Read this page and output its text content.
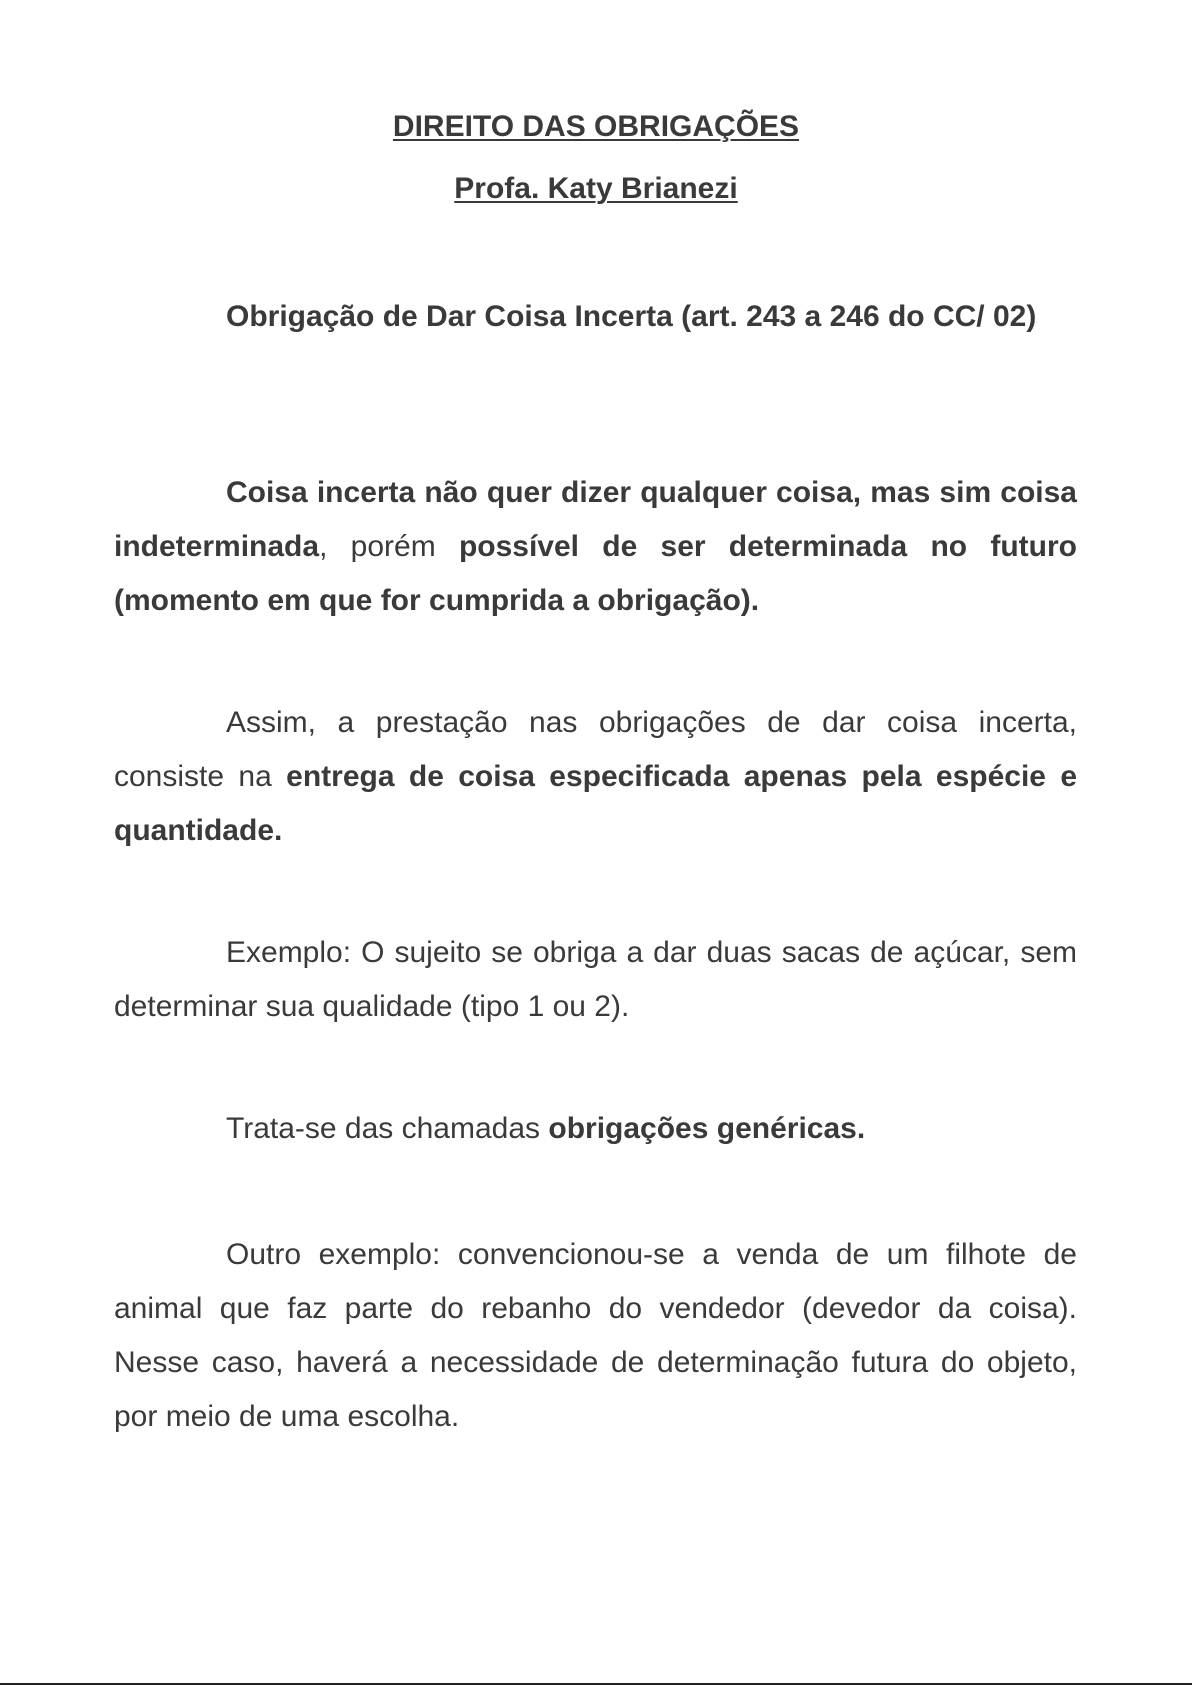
DIREITO DAS OBRIGAÇÕES
Profa. Katy Brianezi

Obrigação de Dar Coisa Incerta (art. 243 a 246 do CC/ 02)

Coisa incerta não quer dizer qualquer coisa, mas sim coisa indeterminada, porém possível de ser determinada no futuro (momento em que for cumprida a obrigação).

Assim, a prestação nas obrigações de dar coisa incerta, consiste na entrega de coisa especificada apenas pela espécie e quantidade.

Exemplo: O sujeito se obriga a dar duas sacas de açúcar, sem determinar sua qualidade (tipo 1 ou 2).

Trata-se das chamadas obrigações genéricas.

Outro exemplo: convencionou-se a venda de um filhote de animal que faz parte do rebanho do vendedor (devedor da coisa). Nesse caso, haverá a necessidade de determinação futura do objeto, por meio de uma escolha.
